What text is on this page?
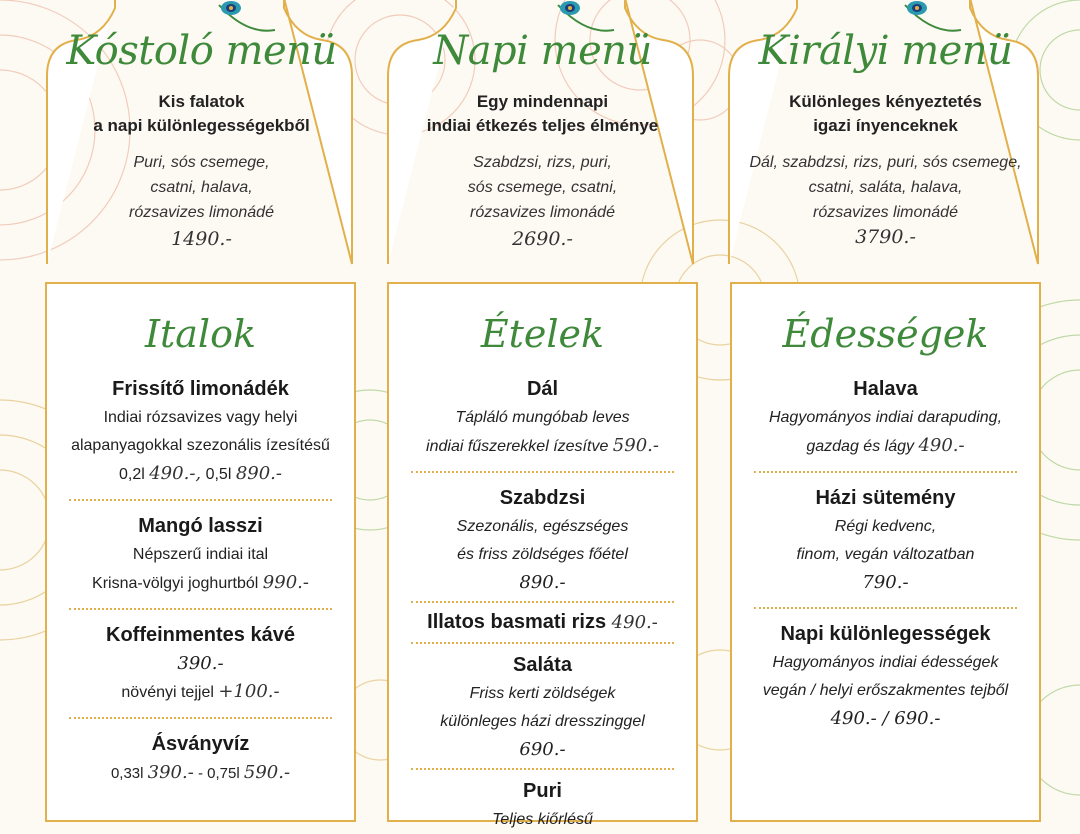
Kóstoló menü
Kis falatok
a napi különlegességekből
Puri, sós csemege,
csatni, halava,
rózsavizes limonádé
1490.-
Napi menü
Egy mindennapi
indiai étkezés teljes élménye
Szabdzsi, rizs, puri,
sós csemege, csatni,
rózsavizes limonádé
2690.-
Királyi menü
Különleges kényeztetés
igazi ínyenceknek
Dál, szabdzsi, rizs, puri, sós csemege,
csatni, saláta, halava,
rózsavizes limonádé
3790.-
Italok
Frissítő limonádék
Indiai rózsavizes vagy helyi
alapanyagokkal szezonális ízesítésű
0,2l 490.-, 0,5l 890.-
Mangó lasszi
Népszerű indiai ital
Krisna-völgyi joghurtból 990.-
Koffeinmentes kávé
390.-
növényi tejjel +100.-
Ásványvíz
0,33l 390.- - 0,75l 590.-
Ételek
Dál
Tápláló mungóbab leves
indiai fűszerekkel ízesítve 590.-
Szabdzsi
Szezonális, egészséges
és friss zöldséges főétel
890.-
Illatos basmati rizs 490.-
Saláta
Friss kerti zöldségek
különleges házi dresszinggel
690.-
Puri
Teljes kiőrlésű
Édességek
Halava
Hagyományos indiai darapuding,
gazdag és lágy 490.-
Házi sütemény
Régi kedvenc,
finom, vegán változatban
790.-
Napi különlegességek
Hagyományos indiai édességek
vegán / helyi erőszakmentes tejből
490.- / 690.-
